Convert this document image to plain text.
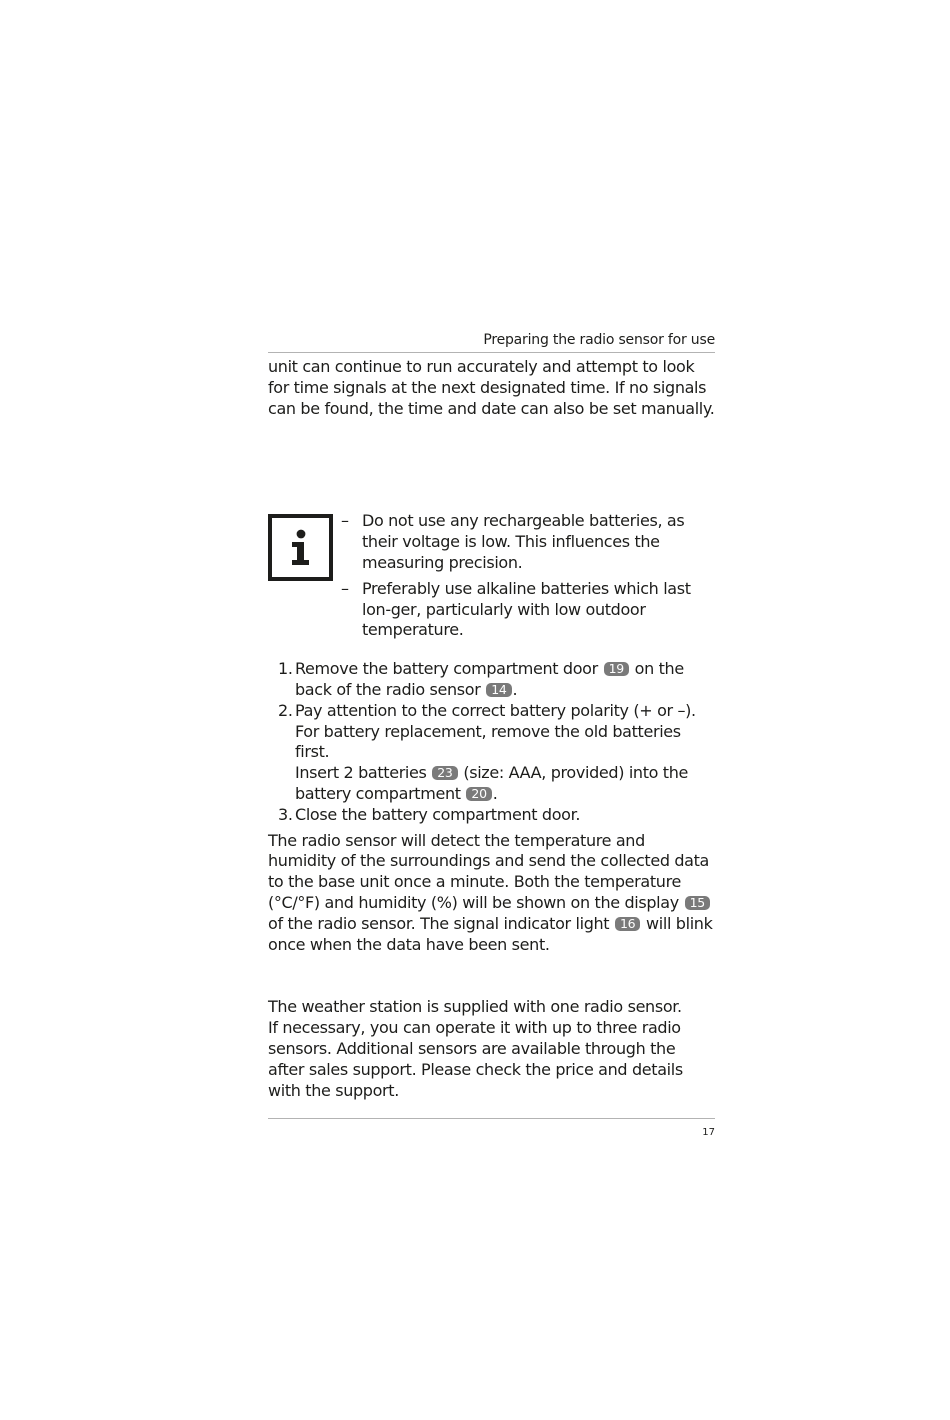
Preparing the radio sensor for use

unit can continue to run accurately and attempt to look for time signals at the next designated time. If no signals can be found, the time and date can also be set manually.

– Do not use any rechargeable batteries, as their voltage is low. This influences the measuring precision.
– Preferably use alkaline batteries which last lon-ger, particularly with low outdoor temperature.
1. Remove the battery compartment door 19 on the back of the radio sensor 14 .
2. Pay attention to the correct battery polarity (+ or –).
For battery replacement, remove the old batteries first.
Insert 2 batteries 23 (size: AAA, provided) into the battery compartment 20 .
3. Close the battery compartment door.

The radio sensor will detect the temperature and humidity of the surroundings and send the collected data to the base unit once a minute. Both the temperature (°C/°F) and humidity (%) will be shown on the display 15 of the radio sensor. The signal indicator light 16 will blink once when the data have been sent.

The weather station is supplied with one radio sensor.
If necessary, you can operate it with up to three radio sensors. Additional sensors are available through the after sales support. Please check the price and details with the support.

17
